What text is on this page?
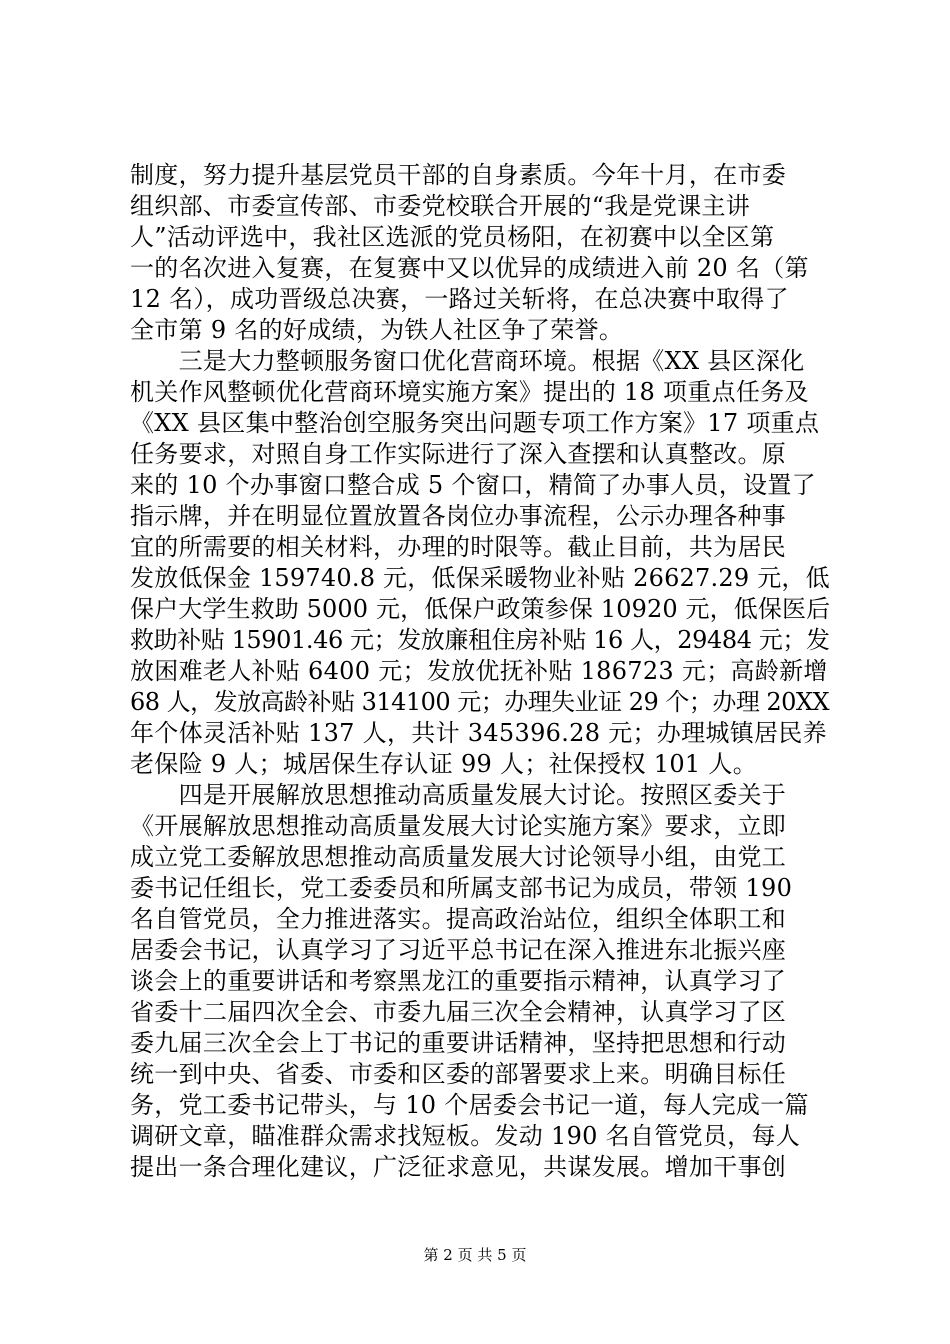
制度，努力提升基层党员干部的自身素质。今年十月，在市委
组织部、市委宣传部、市委党校联合开展的“我是党课主讲
人”活动评选中，我社区选派的党员杨阳，在初赛中以全区第
一的名次进入复赛，在复赛中又以优异的成绩进入前 20 名（第
12 名），成功晋级总决赛，一路过关斩将，在总决赛中取得了
全市第 9 名的好成绩，为铁人社区争了荣誉。
　　三是大力整顿服务窗口优化营商环境。根据《XX 县区深化
机关作风整顿优化营商环境实施方案》提出的 18 项重点任务及
《XX 县区集中整治创空服务突出问题专项工作方案》17 项重点
任务要求，对照自身工作实际进行了深入查摆和认真整改。原
来的 10 个办事窗口整合成 5 个窗口，精简了办事人员，设置了
指示牌，并在明显位置放置各岗位办事流程，公示办理各种事
宜的所需要的相关材料，办理的时限等。截止目前，共为居民
发放低保金 159740.8 元，低保采暖物业补贴 26627.29 元，低
保户大学生救助 5000 元，低保户政策参保 10920 元，低保医后
救助补贴 15901.46 元；发放廉租住房补贴 16 人，29484 元；发
放困难老人补贴 6400 元；发放优抚补贴 186723 元；高龄新增
68 人，发放高龄补贴 314100 元；办理失业证 29 个；办理 20XX
年个体灵活补贴 137 人，共计 345396.28 元；办理城镇居民养
老保险 9 人；城居保生存认证 99 人；社保授权 101 人。
　　四是开展解放思想推动高质量发展大讨论。按照区委关于
《开展解放思想推动高质量发展大讨论实施方案》要求，立即
成立党工委解放思想推动高质量发展大讨论领导小组，由党工
委书记任组长，党工委委员和所属支部书记为成员，带领 190
名自管党员，全力推进落实。提高政治站位，组织全体职工和
居委会书记，认真学习了习近平总书记在深入推进东北振兴座
谈会上的重要讲话和考察黑龙江的重要指示精神，认真学习了
省委十二届四次全会、市委九届三次全会精神，认真学习了区
委九届三次全会上丁书记的重要讲话精神，坚持把思想和行动
统一到中央、省委、市委和区委的部署要求上来。明确目标任
务，党工委书记带头，与 10 个居委会书记一道，每人完成一篇
调研文章，瞄准群众需求找短板。发动 190 名自管党员，每人
提出一条合理化建议，广泛征求意见，共谋发展。增加干事创
第 2 页 共 5 页
